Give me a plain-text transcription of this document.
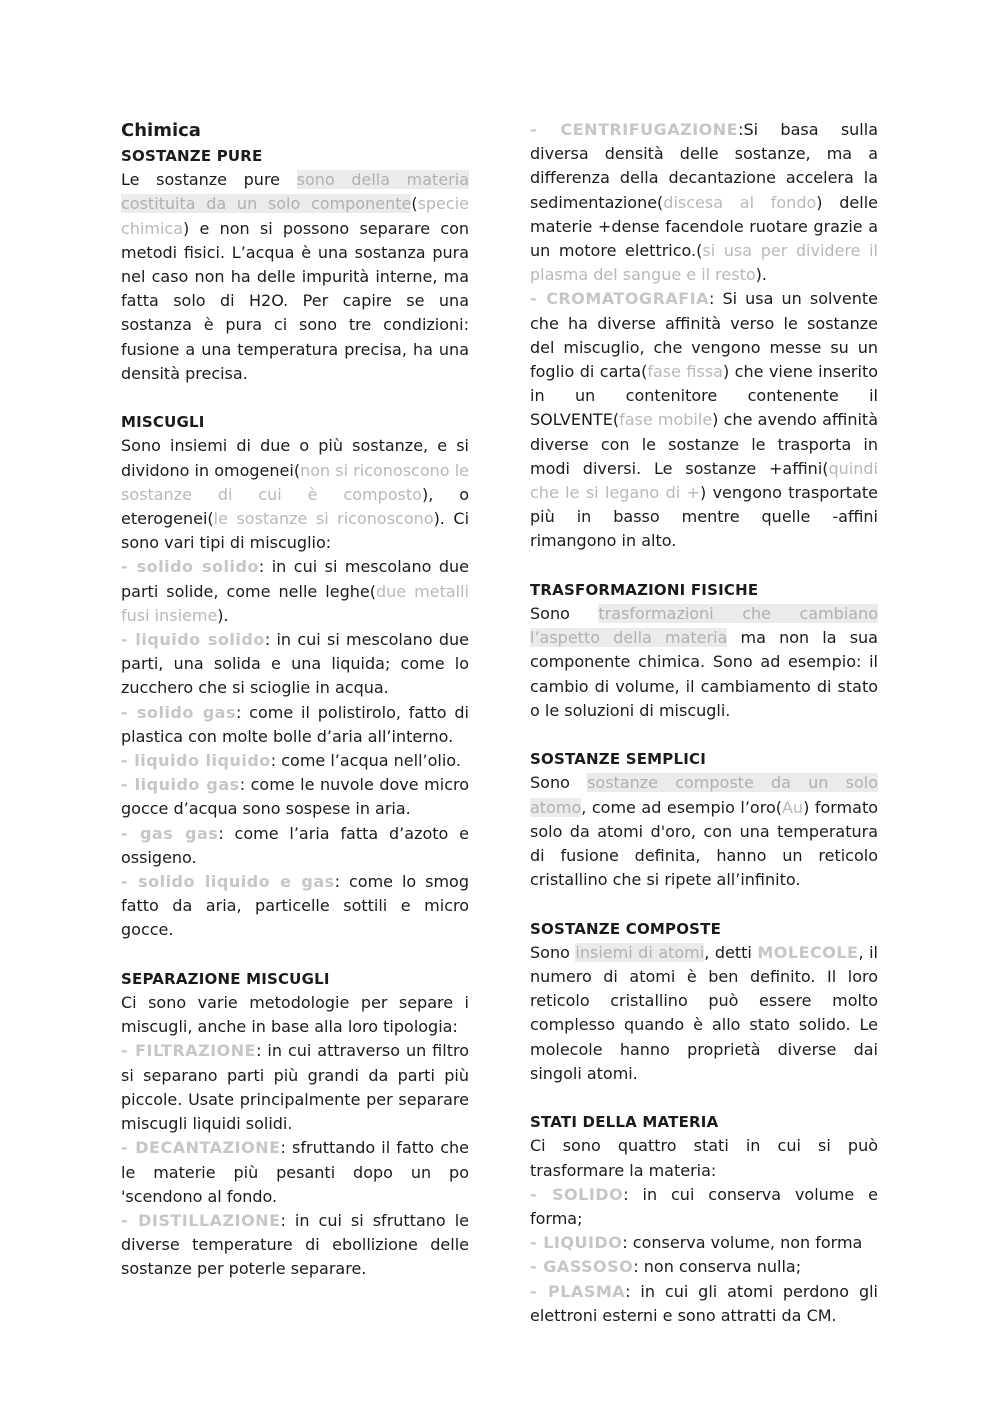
Chimica
SOSTANZE PURE

Le sostanze pure sono della materia costituita da un solo componente(specie chimica) e non si possono separare con metodi fisici. L’acqua è una sostanza pura nel caso non ha delle impurità interne, ma fatta solo di H2O. Per capire se una sostanza è pura ci sono tre condizioni: fusione a una temperatura precisa, ha una densità precisa.

MISCUGLI

Sono insiemi di due o più sostanze, e si dividono in omogenei(non si riconoscono le sostanze di cui è composto), o eterogenei(le sostanze si riconoscono). Ci sono vari tipi di miscuglio:

- solido solido: in cui si mescolano due parti solide, come nelle leghe(due metalli fusi insieme).

- liquido solido: in cui si mescolano due parti, una solida e una liquida; come lo zucchero che si scioglie in acqua.

- solido gas: come il polistirolo, fatto di plastica con molte bolle d’aria all’interno.

- liquido liquido: come l’acqua nell’olio.

- liquido gas: come le nuvole dove micro gocce d’acqua sono sospese in aria.

- gas gas: come l’aria fatta d’azoto e ossigeno.

- solido liquido e gas: come lo smog fatto da aria, particelle sottili e micro gocce.

SEPARAZIONE MISCUGLI

Ci sono varie metodologie per separe i miscugli, anche in base alla loro tipologia:

- FILTRAZIONE: in cui attraverso un filtro si separano parti più grandi da parti più piccole. Usate principalmente per separare miscugli liquidi solidi.

- DECANTAZIONE: sfruttando il fatto che le materie più pesanti dopo un po 'scendono al fondo.

- DISTILLAZIONE: in cui si sfruttano le diverse temperature di ebollizione delle sostanze per poterle separare.

- CENTRIFUGAZIONE:Si basa sulla diversa densità delle sostanze, ma a differenza della decantazione accelera la sedimentazione(discesa al fondo) delle materie +dense facendole ruotare grazie a un motore elettrico.(si usa per dividere il plasma del sangue e il resto).

- CROMATOGRAFIA: Si usa un solvente che ha diverse affinità verso le sostanze del miscuglio, che vengono messe su un foglio di carta(fase fissa) che viene inserito in un contenitore contenente il SOLVENTE(fase mobile) che avendo affinità diverse con le sostanze le trasporta in modi diversi. Le sostanze +affini(quindi che le si legano di +) vengono trasportate più in basso mentre quelle -affini rimangono in alto.

TRASFORMAZIONI FISICHE

Sono trasformazioni che cambiano l’aspetto della materia ma non la sua componente chimica. Sono ad esempio: il cambio di volume, il cambiamento di stato o le soluzioni di miscugli.

SOSTANZE SEMPLICI

Sono sostanze composte da un solo atomo, come ad esempio l’oro(Au) formato solo da atomi d'oro, con una temperatura di fusione definita, hanno un reticolo cristallino che si ripete all’infinito.

SOSTANZE COMPOSTE

Sono insiemi di atomi, detti MOLECOLE, il numero di atomi è ben definito. Il loro reticolo cristallino può essere molto complesso quando è allo stato solido. Le molecole hanno proprietà diverse dai singoli atomi.

STATI DELLA MATERIA

Ci sono quattro stati in cui si può trasformare la materia:

- SOLIDO: in cui conserva volume e forma;

- LIQUIDO: conserva volume, non forma

- GASSOSO: non conserva nulla;

- PLASMA: in cui gli atomi perdono gli elettroni esterni e sono attratti da CM.
